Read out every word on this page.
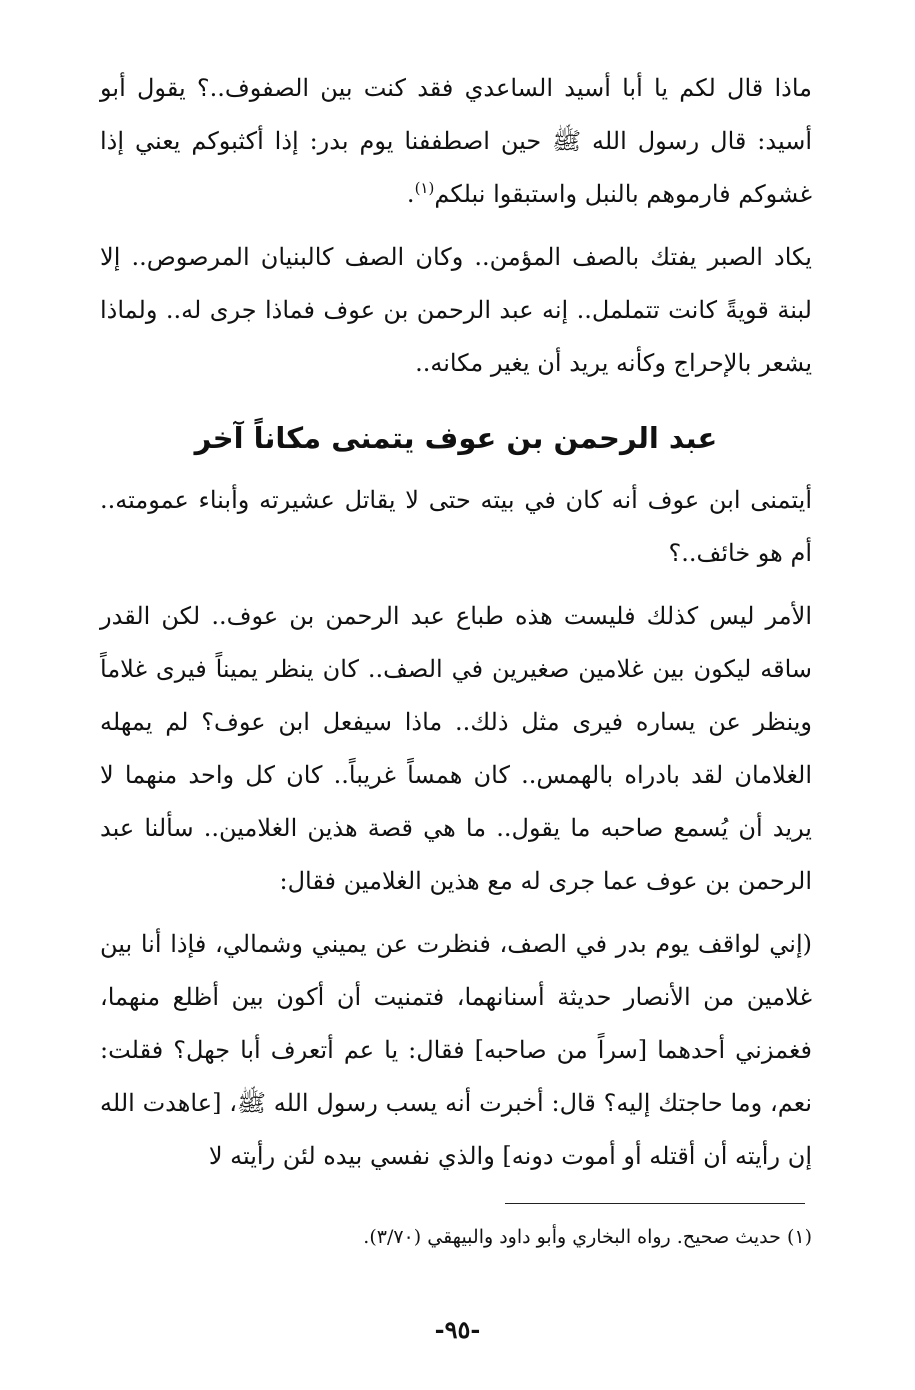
ماذا قال لكم يا أبا أسيد الساعدي فقد كنت بين الصفوف..؟ يقول أبو أسيد: قال رسول الله ﷺ حين اصطففنا يوم بدر: إذا أكثبوكم يعني إذا غشوكم فارموهم بالنبل واستبقوا نبلكم$^{(١)}$.

يكاد الصبر يفتك بالصف المؤمن.. وكان الصف كالبنيان المرصوص.. إلا لبنة قويةً كانت تتململ.. إنه عبد الرحمن بن عوف فماذا جرى له.. ولماذا يشعر بالإحراج وكأنه يريد أن يغير مكانه..

عبد الرحمن بن عوف يتمنى مكاناً آخر

أيتمنى ابن عوف أنه كان في بيته حتى لا يقاتل عشيرته وأبناء عمومته.. أم هو خائف..؟

الأمر ليس كذلك فليست هذه طباع عبد الرحمن بن عوف.. لكن القدر ساقه ليكون بين غلامين صغيرين في الصف.. كان ينظر يميناً فيرى غلاماً وينظر عن يساره فيرى مثل ذلك.. ماذا سيفعل ابن عوف؟ لم يمهله الغلامان لقد بادراه بالهمس.. كان همساً غريباً.. كان كل واحد منهما لا يريد أن يُسمع صاحبه ما يقول.. ما هي قصة هذين الغلامين.. سألنا عبد الرحمن بن عوف عما جرى له مع هذين الغلامين فقال:

(إني لواقف يوم بدر في الصف، فنظرت عن يميني وشمالي، فإذا أنا بين غلامين من الأنصار حديثة أسنانهما، فتمنيت أن أكون بين أظلع منهما، فغمزني أحدهما [سراً من صاحبه] فقال: يا عم أتعرف أبا جهل؟ فقلت: نعم، وما حاجتك إليه؟ قال: أخبرت أنه يسب رسول الله ﷺ، [عاهدت الله إن رأيته أن أقتله أو أموت دونه] والذي نفسي بيده لئن رأيته لا

(١) حديث صحيح. رواه البخاري وأبو داود والبيهقي (٣/٧٠).
-٩٥-
